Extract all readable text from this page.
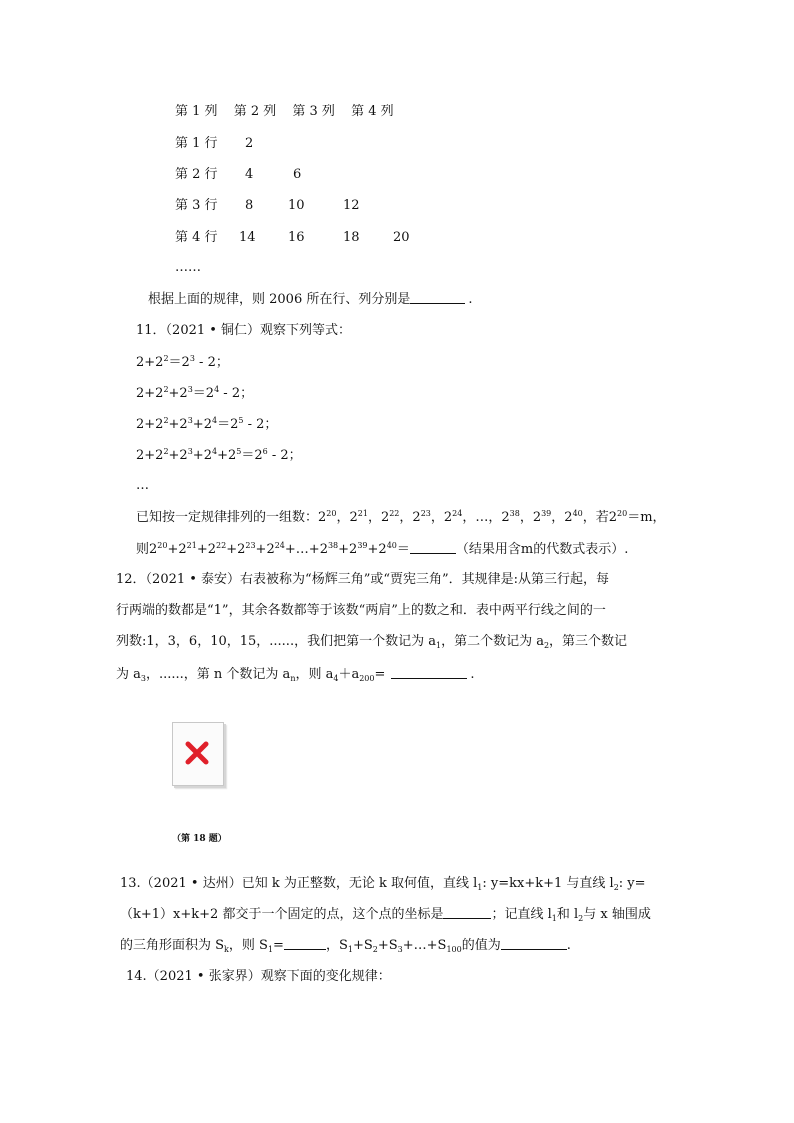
第 1 列 第 2 列 第 3 列 第 4 列
第 1 行 2
第 2 行 4	6
第 3 行 8	10	12
第 4 行 14 16	18	20
……
根据上面的规律，则 2006 所在行、列分别是	.
11．（2021 • 铜仁）观察下列等式：
$2+2^2=2^3 - 2$；
$2+2^2+2^3=2^4 - 2$；
$2+2^2+2^3+2^4=2^5 - 2$；
$2+2^2+2^3+2^4+2^5=2^6 - 2$；
…
已知按一定规律排列的一组数：$2^{20}$，$2^{21}$，$2^{22}$，$2^{23}$，$2^{24}$，…，$2^{38}$，$2^{39}$，$2^{40}$，若$2^{20}=m$，
则$2^{20}+2^{21}+2^{22}+2^{23}+2^{24}+\dots+2^{38}+2^{39}+2^{40}=$	（结果用含m的代数式表示）.
12．（2021 • 泰安）右表被称为“杨辉三角”或“贾宪三角”．其规律是:从第三行起，每
行两端的数都是“1”，其余各数都等于该数“两肩”上的数之和．表中两平行线之间的一
列数:1，3，6，10，15，......，我们把第一个数记为 $a_1$，第二个数记为 $a_2$，第三个数记
为 $a_3$，......，第 n 个数记为 $a_n$，则 $a_4+a_{200}=$	.
（第 18 题）
13.（2021 • 达州）已知 k 为正整数，无论 k 取何值，直线 $l_1$: y=kx+k+1 与直线 $l_2$: y=
（k+1）x+k+2 都交于一个固定的点，这个点的坐标是	；记直线 $l_1$和 $l_2$与 x 轴围成
的三角形面积为 $S_k$，则 $S_1=$	，$S_1+S_2+S_3+\dots+S_{100}$的值为	.
14.（2021 • 张家界）观察下面的变化规律：
